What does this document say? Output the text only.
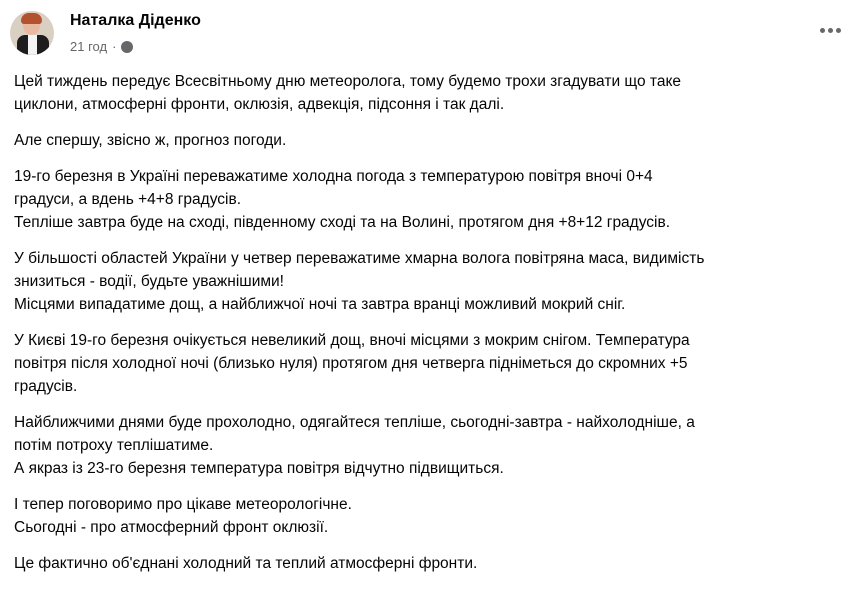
Наталка Діденко
21 год ·

Цей тиждень передує Всесвітньому дню метеоролога, тому будемо трохи згадувати що таке
циклони, атмосферні фронти, оклюзія, адвекція, підсоння і так далі.

Але спершу, звісно ж, прогноз погоди.

19-го березня в Україні переважатиме холодна погода з температурою повітря вночі 0+4
градуси, а вдень +4+8 градусів.
Тепліше завтра буде на сході, південному сході та на Волині, протягом дня +8+12 градусів.

У більшості областей України у четвер переважатиме хмарна волога повітряна маса, видимість
знизиться - водії, будьте уважнішими!
Місцями випадатиме дощ, а найближчої ночі та завтра вранці можливий мокрий сніг.

У Києві 19-го березня очікується невеликий дощ, вночі місцями з мокрим снігом. Температура
повітря після холодної ночі (близько нуля) протягом дня четверга підніметься до скромних +5
градусів.

Найближчими днями буде прохолодно, одягайтеся тепліше, сьогодні-завтра - найхолодніше, а
потім потроху теплішатиме.
А якраз із 23-го березня температура повітря відчутно підвищиться.

І тепер поговоримо про цікаве метеорологічне.
Сьогодні - про атмосферний фронт оклюзії.

Це фактично об'єднані холодний та теплий атмосферні фронти.
